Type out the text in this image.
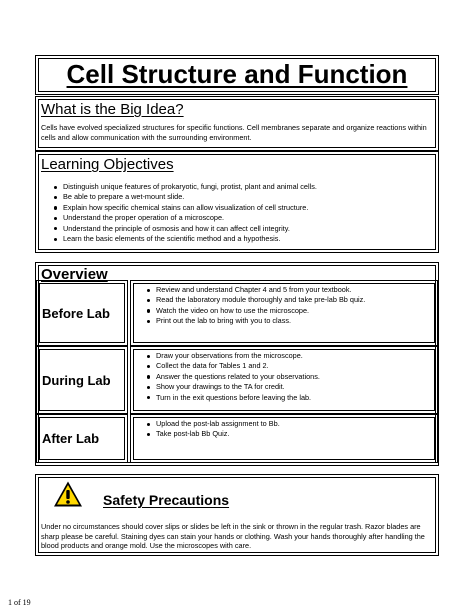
Cell Structure and Function
What is the Big Idea?

Cells have evolved specialized structures for specific functions. Cell membranes separate and organize reactions within cells and allow communication with the surrounding environment.

Learning Objectives
Distinguish unique features of prokaryotic, fungi, protist, plant and animal cells.
Be able to prepare a wet-mount slide.
Explain how specific chemical stains can allow visualization of cell structure.
Understand the proper operation of a microscope.
Understand the principle of osmosis and how it can affect cell integrity.
Learn the basic elements of the scientific method and a hypothesis.
Overview
Before Lab
Review and understand Chapter 4 and 5 from your textbook.
Read the laboratory module thoroughly and take pre-lab Bb quiz.
Watch the video on how to use the microscope.
Print out the lab to bring with you to class.
During Lab
Draw your observations from the microscope.
Collect the data for Tables 1 and 2.
Answer the questions related to your observations.
Show your drawings to the TA for credit.
Turn in the exit questions before leaving the lab.
After Lab
Upload the post-lab assignment to Bb.
Take post-lab Bb Quiz.
Safety Precautions

Under no circumstances should cover slips or slides be left in the sink or thrown in the regular trash. Razor blades are sharp please be careful. Staining dyes can stain your hands or clothing. Wash your hands thoroughly after handling the blood products and orange mold. Use the microscopes with care.

1 of 19
